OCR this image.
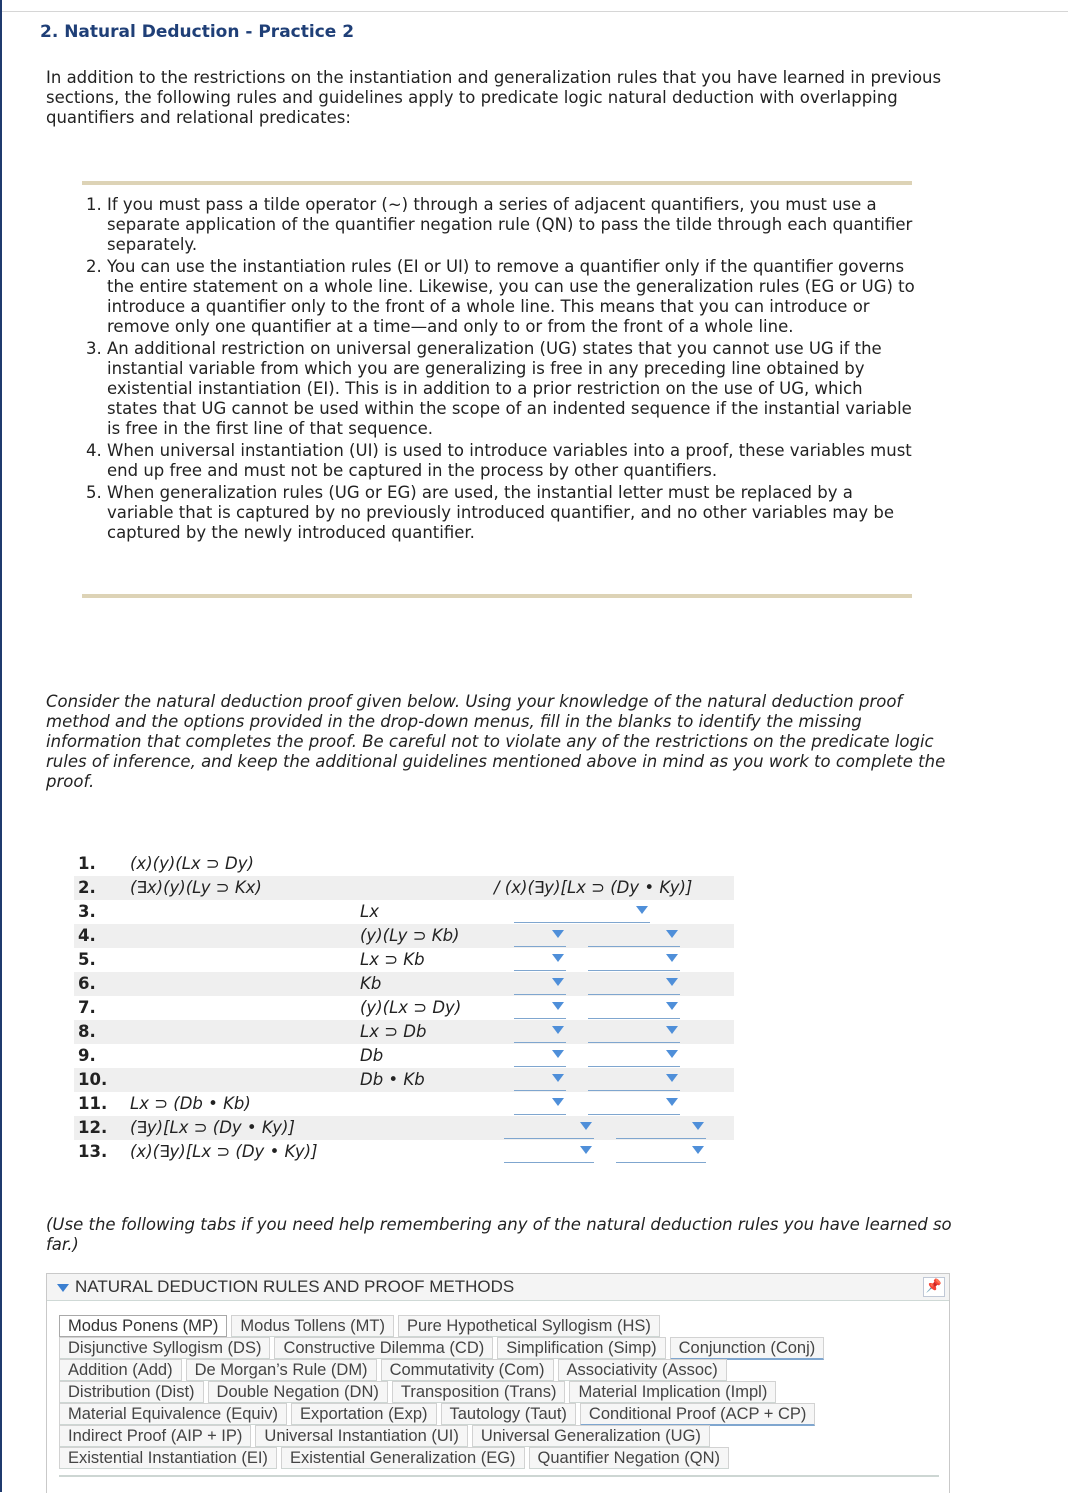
2. Natural Deduction - Practice 2

In addition to the restrictions on the instantiation and generalization rules that you have learned in previous sections, the following rules and guidelines apply to predicate logic natural deduction with overlapping quantifiers and relational predicates:

1. If you must pass a tilde operator (~) through a series of adjacent quantifiers, you must use a separate application of the quantifier negation rule (QN) to pass the tilde through each quantifier separately.
2. You can use the instantiation rules (EI or UI) to remove a quantifier only if the quantifier governs the entire statement on a whole line. Likewise, you can use the generalization rules (EG or UG) to introduce a quantifier only to the front of a whole line. This means that you can introduce or remove only one quantifier at a time—and only to or from the front of a whole line.
3. An additional restriction on universal generalization (UG) states that you cannot use UG if the instantial variable from which you are generalizing is free in any preceding line obtained by existential instantiation (EI). This is in addition to a prior restriction on the use of UG, which states that UG cannot be used within the scope of an indented sequence if the instantial variable is free in the first line of that sequence.
4. When universal instantiation (UI) is used to introduce variables into a proof, these variables must end up free and must not be captured in the process by other quantifiers.
5. When generalization rules (UG or EG) are used, the instantial letter must be replaced by a variable that is captured by no previously introduced quantifier, and no other variables may be captured by the newly introduced quantifier.

Consider the natural deduction proof given below. Using your knowledge of the natural deduction proof method and the options provided in the drop-down menus, fill in the blanks to identify the missing information that completes the proof. Be careful not to violate any of the restrictions on the predicate logic rules of inference, and keep the additional guidelines mentioned above in mind as you work to complete the proof.

1. (x)(y)(Lx ⊃ Dy)
2. (∃x)(y)(Ly ⊃ Kx)	/ (x)(∃y)[Lx ⊃ (Dy • Ky)]
3.	Lx
4.	(y)(Ly ⊃ Kb)
5.	Lx ⊃ Kb
6.	Kb
7.	(y)(Lx ⊃ Dy)
8.	Lx ⊃ Db
9.	Db
10.	Db • Kb
11. Lx ⊃ (Db • Kb)
12. (∃y)[Lx ⊃ (Dy • Ky)]
13. (x)(∃y)[Lx ⊃ (Dy • Ky)]

(Use the following tabs if you need help remembering any of the natural deduction rules you have learned so far.)

NATURAL DEDUCTION RULES AND PROOF METHODS	📌
Modus Ponens (MP) Modus Tollens (MT) Pure Hypothetical Syllogism (HS)
Disjunctive Syllogism (DS) Constructive Dilemma (CD) Simplification (Simp) Conjunction (Conj)
Addition (Add) De Morgan’s Rule (DM) Commutativity (Com) Associativity (Assoc)
Distribution (Dist) Double Negation (DN) Transposition (Trans) Material Implication (Impl)
Material Equivalence (Equiv) Exportation (Exp) Tautology (Taut) Conditional Proof (ACP + CP)
Indirect Proof (AIP + IP) Universal Instantiation (UI) Universal Generalization (UG)
Existential Instantiation (EI) Existential Generalization (EG) Quantifier Negation (QN)
